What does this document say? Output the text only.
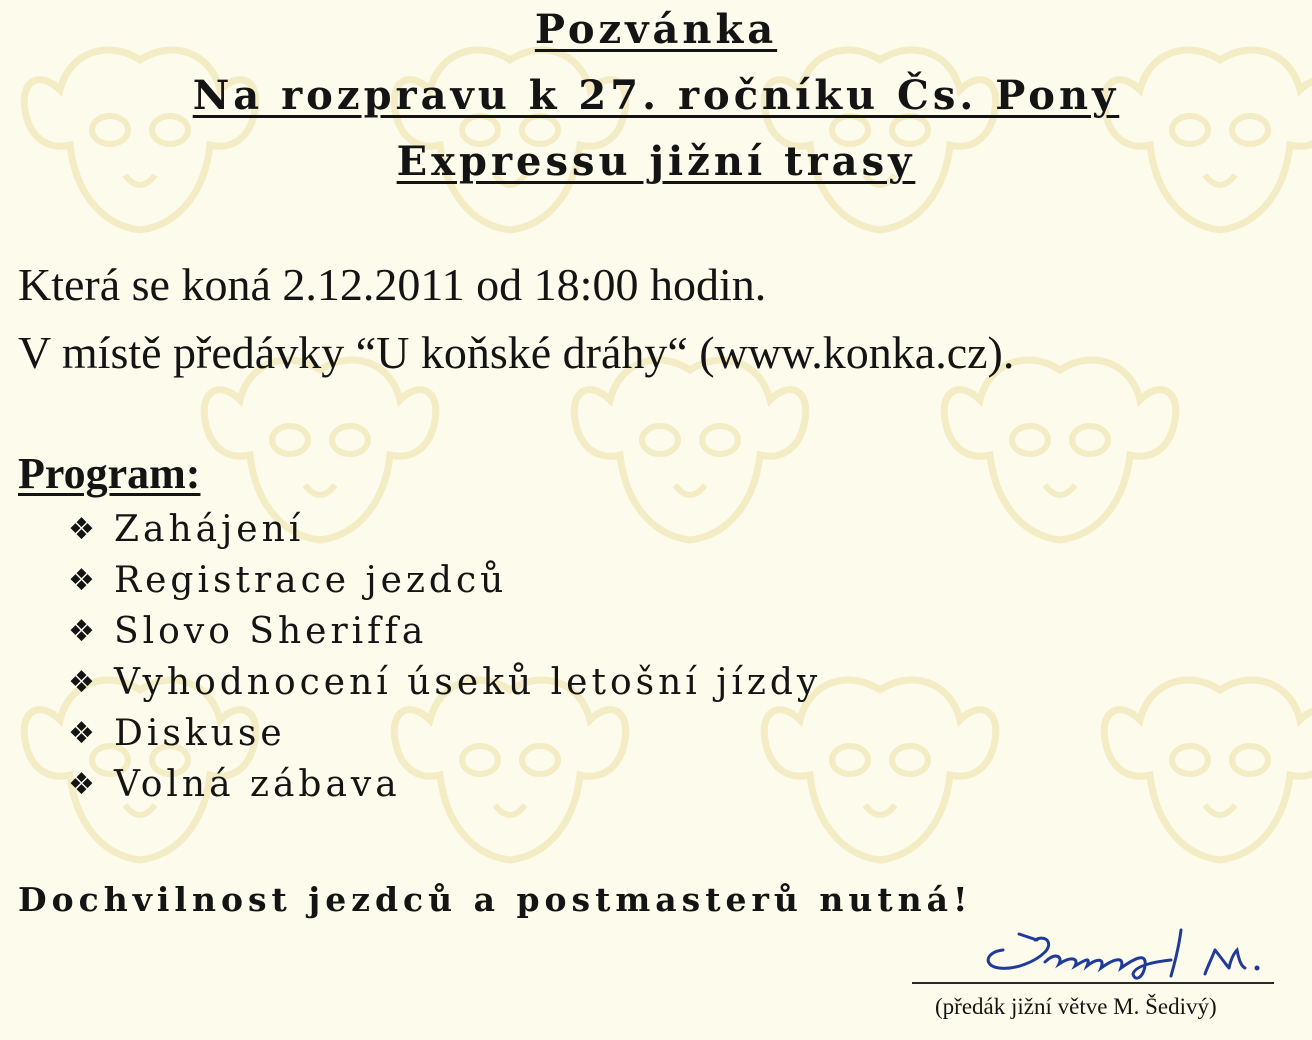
Pozvánka
Na rozpravu k 27. ročníku Čs. Pony
Expressu jižní trasy
Která se koná 2.12.2011 od 18:00 hodin.
V místě předávky “U koňské dráhy“ (www.konka.cz).
Program:
❖ Zahájení
❖ Registrace jezdců
❖ Slovo Sheriffa
❖ Vyhodnocení úseků letošní jízdy
❖ Diskuse
❖ Volná zábava
Dochvilnost jezdců a postmasterů nutná!
(předák jižní větve M. Šedivý)
